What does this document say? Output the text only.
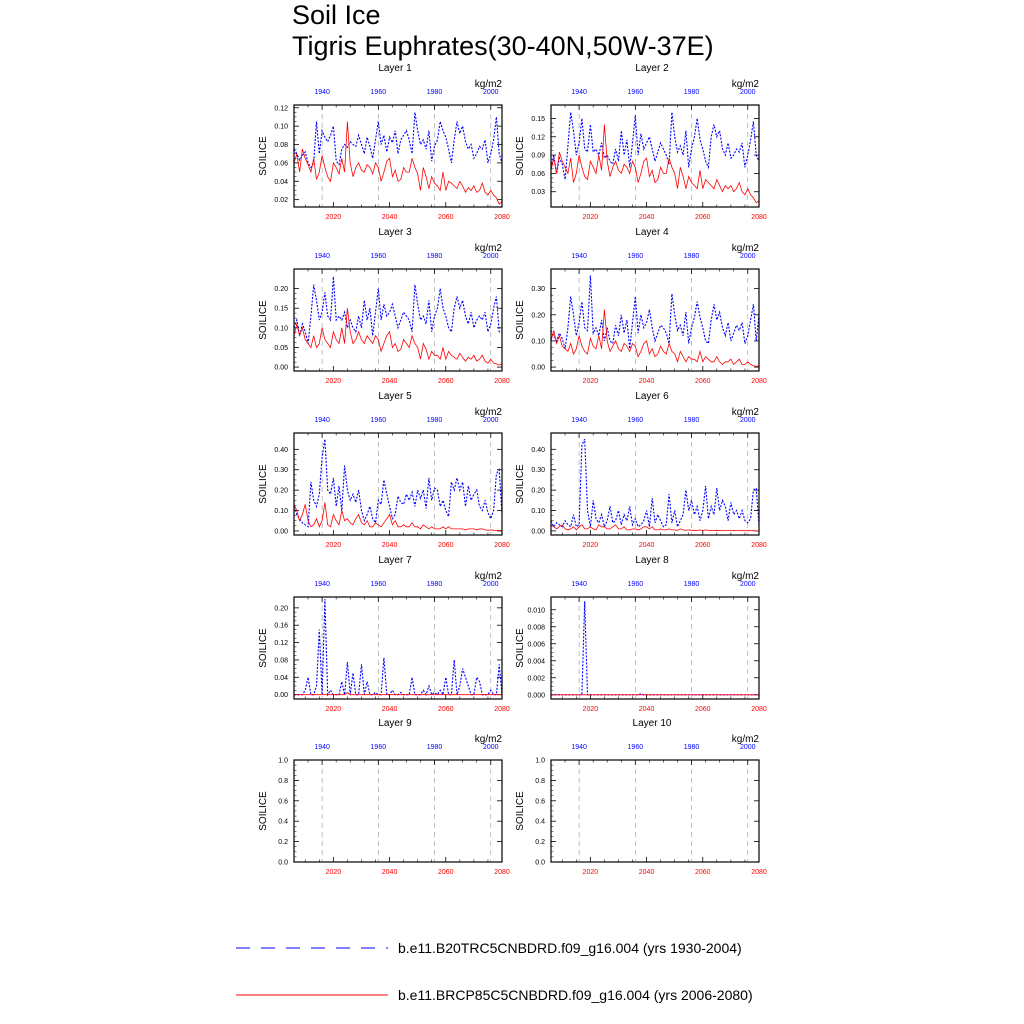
Soil Ice
Tigris Euphrates(30-40N,50W-37E)
Layer 1
kg/m2
SOILICE
1940	1960	1980	2000
2020	2040	2060	2080
0.02
0.04
0.06
0.08
0.10
0.12
Layer 2
kg/m2
SOILICE
1940	1960	1980	2000
2020	2040	2060	2080
0.03
0.06
0.09
0.12
0.15
Layer 3
kg/m2
SOILICE
1940	1960	1980	2000
2020	2040	2060	2080
0.00
0.05
0.10
0.15
0.20
Layer 4
kg/m2
SOILICE
1940	1960	1980	2000
2020	2040	2060	2080
0.00
0.10
0.20
0.30
Layer 5
kg/m2
SOILICE
1940	1960	1980	2000
2020	2040	2060	2080
0.00
0.10
0.20
0.30
0.40
Layer 6
kg/m2
SOILICE
1940	1960	1980	2000
2020	2040	2060	2080
0.00
0.10
0.20
0.30
0.40
Layer 7
kg/m2
SOILICE
1940	1960	1980	2000
2020	2040	2060	2080
0.00
0.04
0.08
0.12
0.16
0.20
Layer 8
kg/m2
SOILICE
1940	1960	1980	2000
2020	2040	2060	2080
0.000
0.002
0.004
0.006
0.008
0.010
Layer 9
kg/m2
SOILICE
1940	1960	1980	2000
2020	2040	2060	2080
0.0
0.2
0.4
0.6
0.8
1.0
Layer 10
kg/m2
SOILICE
1940	1960	1980	2000
2020	2040	2060	2080
0.0
0.2
0.4
0.6
0.8
1.0
b.e11.B20TRC5CNBDRD.f09_g16.004 (yrs 1930-2004)
b.e11.BRCP85C5CNBDRD.f09_g16.004 (yrs 2006-2080)
